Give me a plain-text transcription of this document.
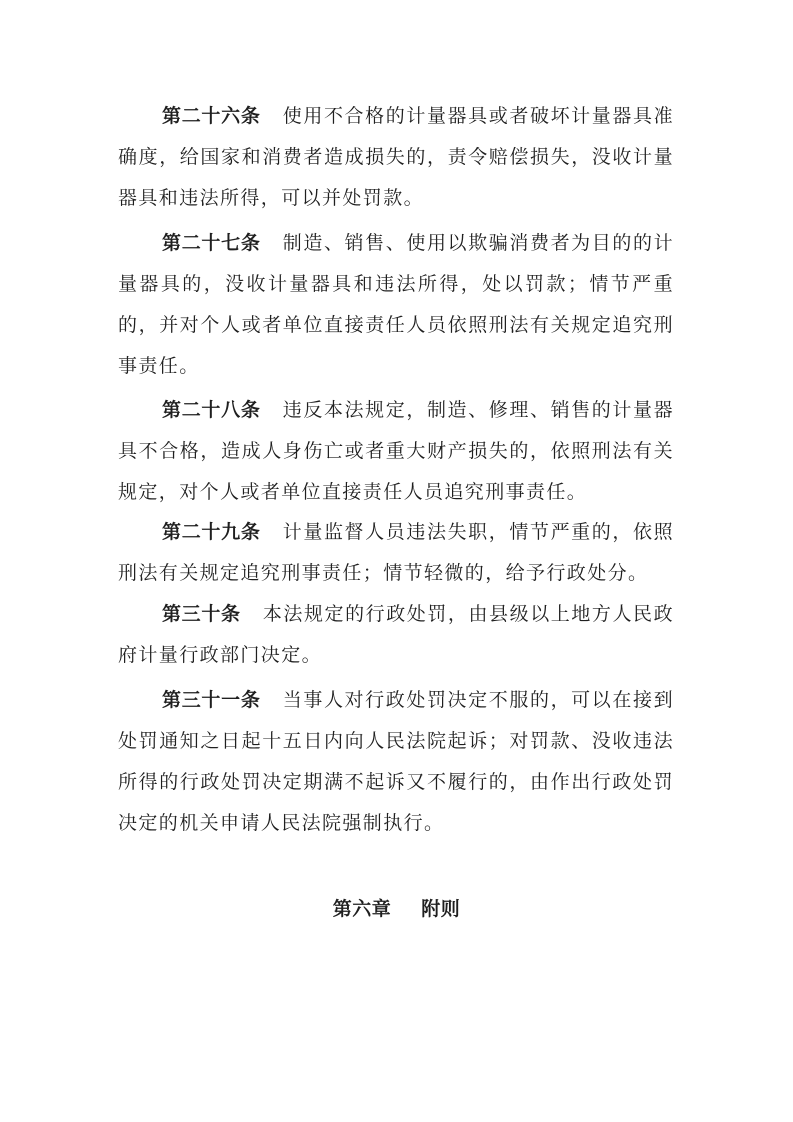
第二十六条 使用不合格的计量器具或者破坏计量器具准确度，给国家和消费者造成损失的，责令赔偿损失，没收计量器具和违法所得，可以并处罚款。

第二十七条 制造、销售、使用以欺骗消费者为目的的计量器具的，没收计量器具和违法所得，处以罚款；情节严重的，并对个人或者单位直接责任人员依照刑法有关规定追究刑事责任。

第二十八条 违反本法规定，制造、修理、销售的计量器具不合格，造成人身伤亡或者重大财产损失的，依照刑法有关规定，对个人或者单位直接责任人员追究刑事责任。

第二十九条 计量监督人员违法失职，情节严重的，依照刑法有关规定追究刑事责任；情节轻微的，给予行政处分。

第三十条 本法规定的行政处罚，由县级以上地方人民政府计量行政部门决定。

第三十一条 当事人对行政处罚决定不服的，可以在接到处罚通知之日起十五日内向人民法院起诉；对罚款、没收违法所得的行政处罚决定期满不起诉又不履行的，由作出行政处罚决定的机关申请人民法院强制执行。

第六章 附则
